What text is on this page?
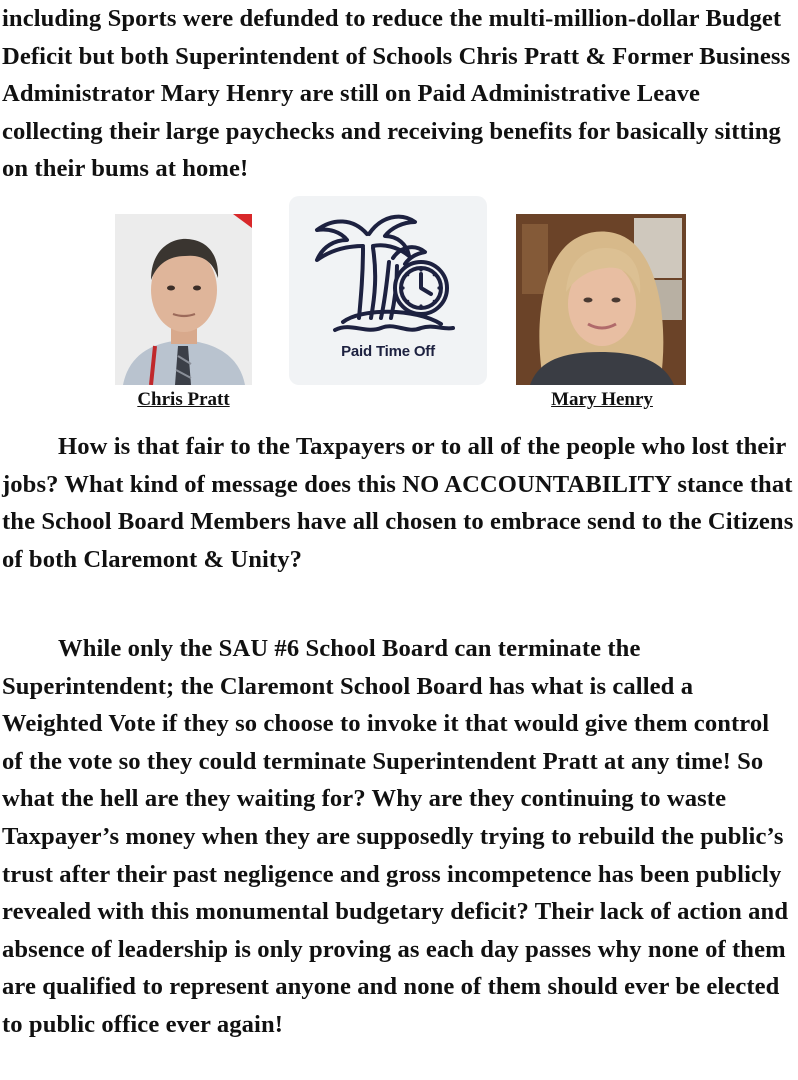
including Sports were defunded to reduce the multi-million-dollar Budget Deficit but both Superintendent of Schools Chris Pratt & Former Business Administrator Mary Henry are still on Paid Administrative Leave collecting their large paychecks and receiving benefits for basically sitting on their bums at home!

Paid Time Off
Chris Pratt	Mary Henry

How is that fair to the Taxpayers or to all of the people who lost their jobs? What kind of message does this NO ACCOUNTABILITY stance that the School Board Members have all chosen to embrace send to the Citizens of both Claremont & Unity?

While only the SAU #6 School Board can terminate the Superintendent; the Claremont School Board has what is called a Weighted Vote if they so choose to invoke it that would give them control of the vote so they could terminate Superintendent Pratt at any time! So what the hell are they waiting for? Why are they continuing to waste Taxpayer’s money when they are supposedly trying to rebuild the public’s trust after their past negligence and gross incompetence has been publicly revealed with this monumental budgetary deficit? Their lack of action and absence of leadership is only proving as each day passes why none of them are qualified to represent anyone and none of them should ever be elected to public office ever again!
